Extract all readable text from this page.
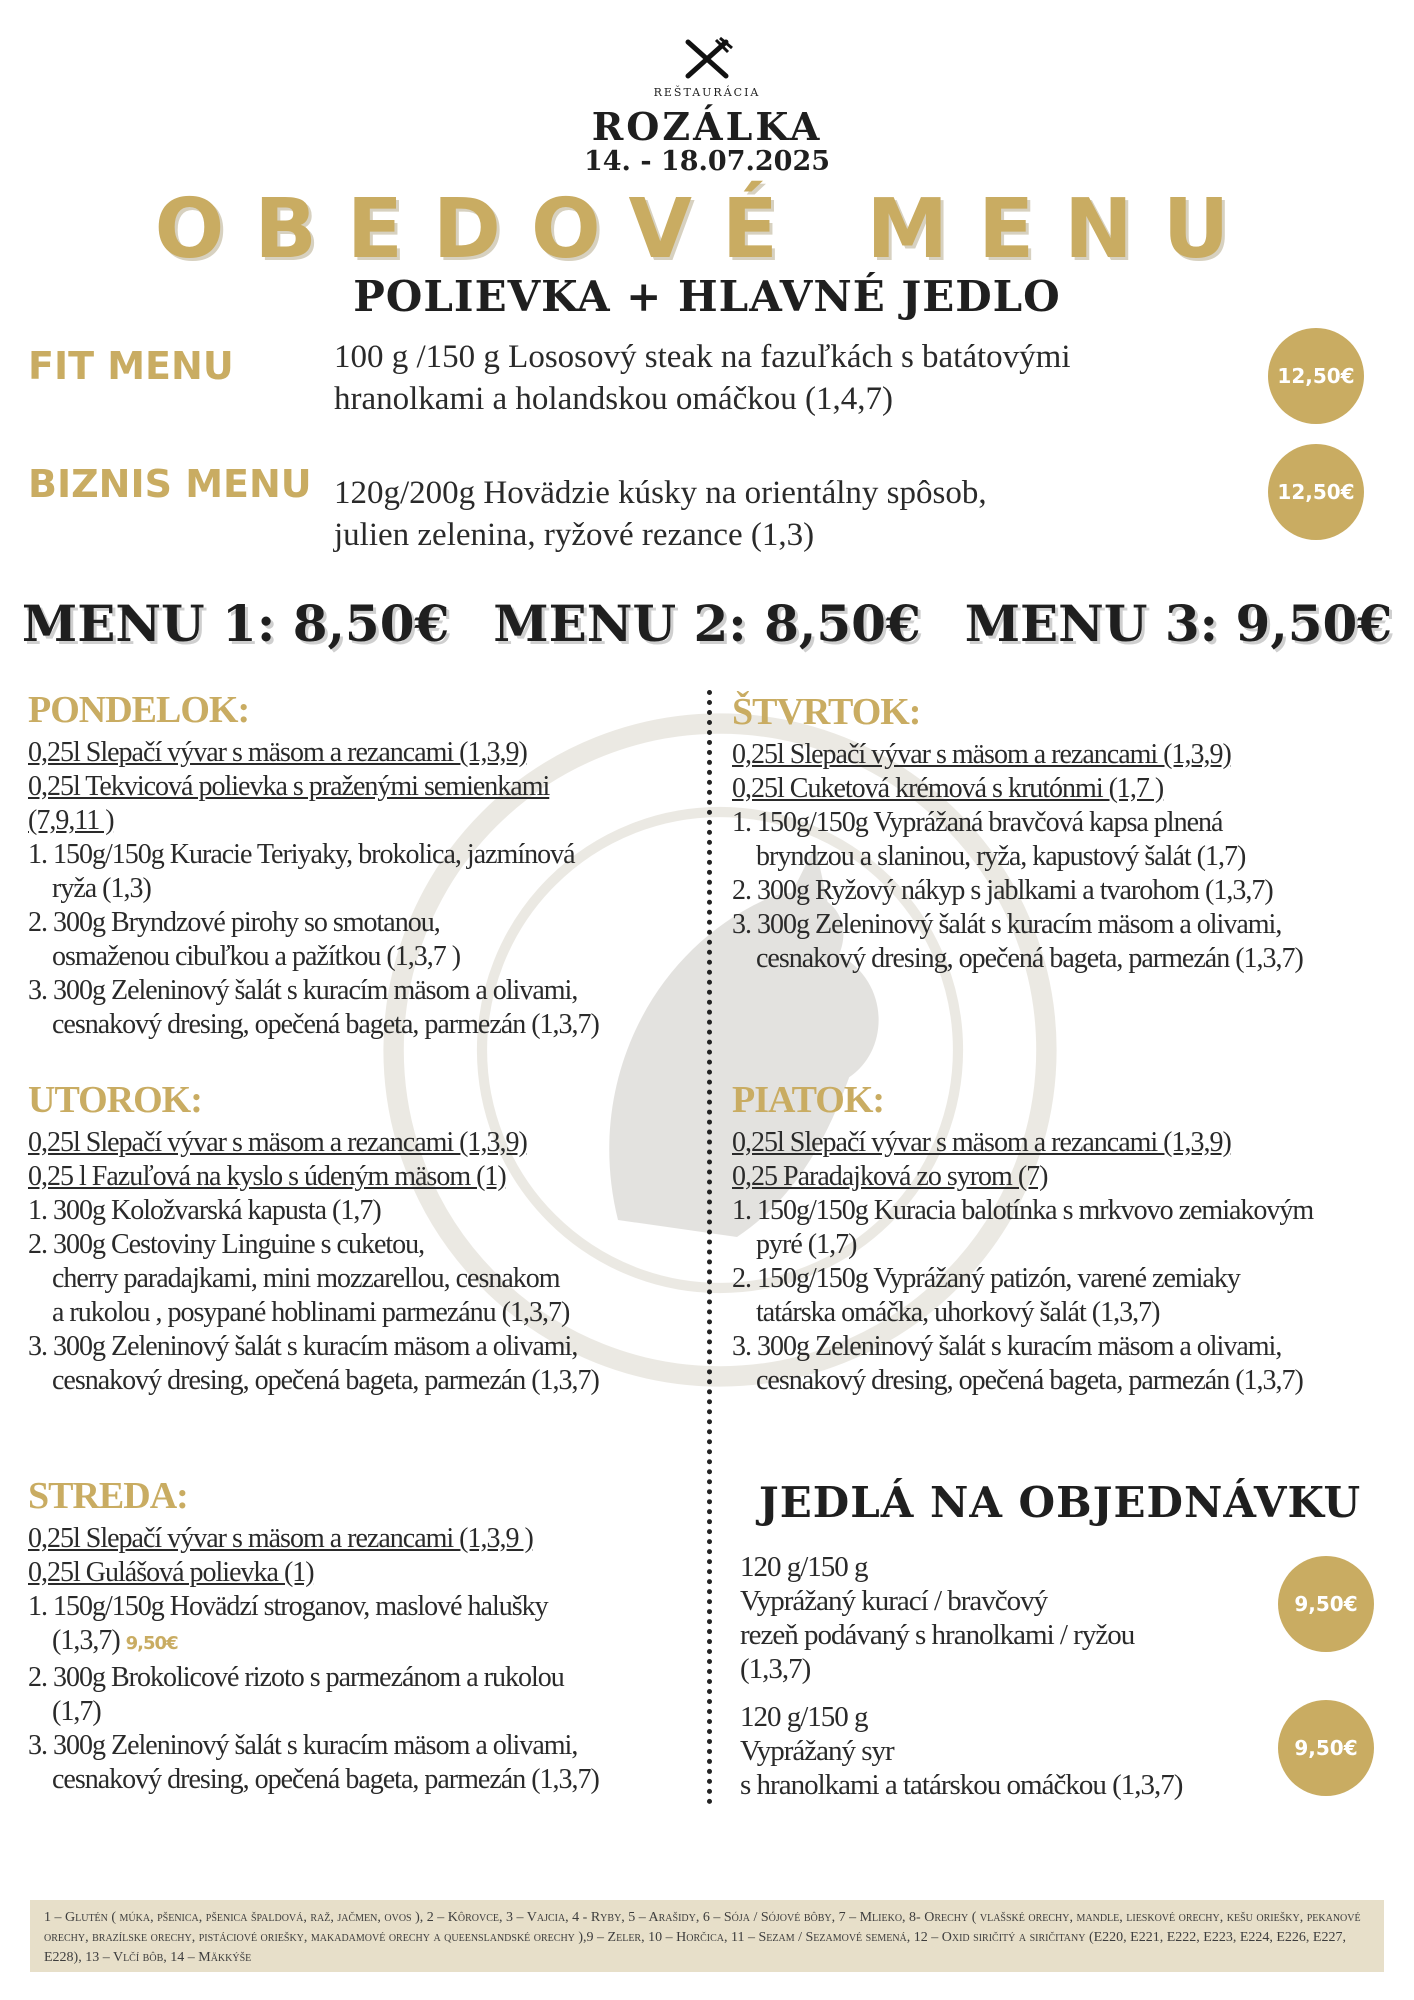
REŠTAURÁCIA
ROZÁLKA
14. - 18.07.2025
OBEDOVÉ MENU
POLIEVKA + HLAVNÉ JEDLO
FIT MENU	100 g /150 g Lososový steak na fazuľkách s batátovými
hranolkami a holandskou omáčkou (1,4,7)
12,50€
BIZNIS MENU 120g/200g Hovädzie kúsky na orientálny spôsob,
julien zelenina, ryžové rezance (1,3)
12,50€
MENU 1: 8,50€ MENU 2: 8,50€ MENU 3: 9,50€
PONDELOK:
0,25l Slepačí vývar s mäsom a rezancami (1,3,9)
0,25l Tekvicová polievka s praženými semienkami
(7,9,11 )
1. 150g/150g Kuracie Teriyaky, brokolica, jazmínová
ryža (1,3)
2. 300g Bryndzové pirohy so smotanou,
osmaženou cibuľkou a pažítkou (1,3,7 )
3. 300g Zeleninový šalát s kuracím mäsom a olivami,
cesnakový dresing, opečená bageta, parmezán (1,3,7)
UTOROK:
0,25l Slepačí vývar s mäsom a rezancami (1,3,9)
0,25 l Fazuľová na kyslo s údeným mäsom (1)
1. 300g Koložvarská kapusta (1,7)
2. 300g Cestoviny Linguine s cuketou,
cherry paradajkami, mini mozzarellou, cesnakom
a rukolou , posypané hoblinami parmezánu (1,3,7)
3. 300g Zeleninový šalát s kuracím mäsom a olivami,
cesnakový dresing, opečená bageta, parmezán (1,3,7)
STREDA:
0,25l Slepačí vývar s mäsom a rezancami (1,3,9 )
0,25l Gulášová polievka (1)
1. 150g/150g Hovädzí stroganov, maslové halušky
(1,3,7) 9,50€
2. 300g Brokolicové rizoto s parmezánom a rukolou
(1,7)
3. 300g Zeleninový šalát s kuracím mäsom a olivami,
cesnakový dresing, opečená bageta, parmezán (1,3,7)
ŠTVRTOK:
0,25l Slepačí vývar s mäsom a rezancami (1,3,9)
0,25l Cuketová krémová s krutónmi (1,7 )
1. 150g/150g Vyprážaná bravčová kapsa plnená
bryndzou a slaninou, ryža, kapustový šalát (1,7)
2. 300g Ryžový nákyp s jablkami a tvarohom (1,3,7)
3. 300g Zeleninový šalát s kuracím mäsom a olivami,
cesnakový dresing, opečená bageta, parmezán (1,3,7)
PIATOK:
0,25l Slepačí vývar s mäsom a rezancami (1,3,9)
0,25 Paradajková zo syrom (7)
1. 150g/150g Kuracia balotínka s mrkvovo zemiakovým
pyré (1,7)
2. 150g/150g Vyprážaný patizón, varené zemiaky
tatárska omáčka, uhorkový šalát (1,3,7)
3. 300g Zeleninový šalát s kuracím mäsom a olivami,
cesnakový dresing, opečená bageta, parmezán (1,3,7)
JEDLÁ NA OBJEDNÁVKU
120 g/150 g
Vyprážaný kurací / bravčový
rezeň podávaný s hranolkami / ryžou
(1,3,7)
9,50€
120 g/150 g
Vyprážaný syr
s hranolkami a tatárskou omáčkou (1,3,7)
9,50€
1 – Glutén ( múka, pšenica, pšenica špaldová, raž, jačmen, ovos ), 2 – Kôrovce, 3 – Vajcia, 4 - Ryby, 5 – Arašidy, 6 – Sója / Sójové bôby, 7 – Mlieko, 8- Orechy ( vlašské orechy, mandle, lieskové orechy, kešu oriešky, pekanové orechy, brazílske orechy, pistáciové oriešky, makadamové orechy a queenslandské orechy ),9 – Zeler, 10 – Horčica, 11 – Sezam / Sezamové semená, 12 – Oxid siričitý a siričitany (E220, E221, E222, E223, E224, E226, E227, E228), 13 – Vlčí bôb, 14 – Mäkkýše
